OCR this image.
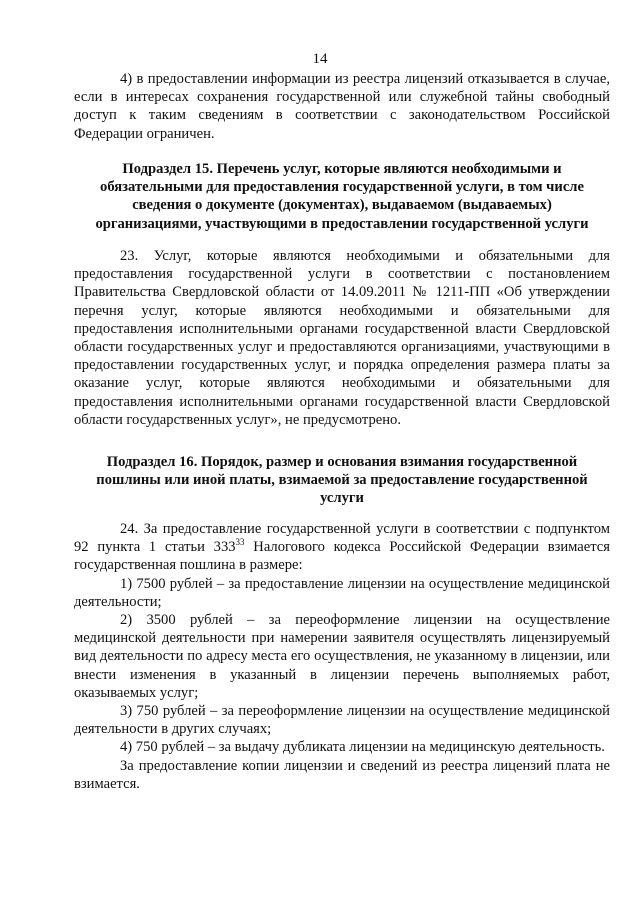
14

4) в предоставлении информации из реестра лицензий отказывается в случае, если в интересах сохранения государственной или служебной тайны свободный доступ к таким сведениям в соответствии с законодательством Российской Федерации ограничен.

Подраздел 15. Перечень услуг, которые являются необходимыми и обязательными для предоставления государственной услуги, в том числе сведения о документе (документах), выдаваемом (выдаваемых) организациями, участвующими в предоставлении государственной услуги

23. Услуг, которые являются необходимыми и обязательными для предоставления государственной услуги в соответствии с постановлением Правительства Свердловской области от 14.09.2011 № 1211-ПП «Об утверждении перечня услуг, которые являются необходимыми и обязательными для предоставления исполнительными органами государственной власти Свердловской области государственных услуг и предоставляются организациями, участвующими в предоставлении государственных услуг, и порядка определения размера платы за оказание услуг, которые являются необходимыми и обязательными для предоставления исполнительными органами государственной власти Свердловской области государственных услуг», не предусмотрено.

Подраздел 16. Порядок, размер и основания взимания государственной пошлины или иной платы, взимаемой за предоставление государственной услуги

24. За предоставление государственной услуги в соответствии с подпунктом 92 пункта 1 статьи $333^{33}$ Налогового кодекса Российской Федерации взимается государственная пошлина в размере:

1) 7500 рублей – за предоставление лицензии на осуществление медицинской деятельности;

2) 3500 рублей – за переоформление лицензии на осуществление медицинской деятельности при намерении заявителя осуществлять лицензируемый вид деятельности по адресу места его осуществления, не указанному в лицензии, или внести изменения в указанный в лицензии перечень выполняемых работ, оказываемых услуг;

3) 750 рублей – за переоформление лицензии на осуществление медицинской деятельности в других случаях;

4) 750 рублей – за выдачу дубликата лицензии на медицинскую деятельность.

За предоставление копии лицензии и сведений из реестра лицензий плата не взимается.
